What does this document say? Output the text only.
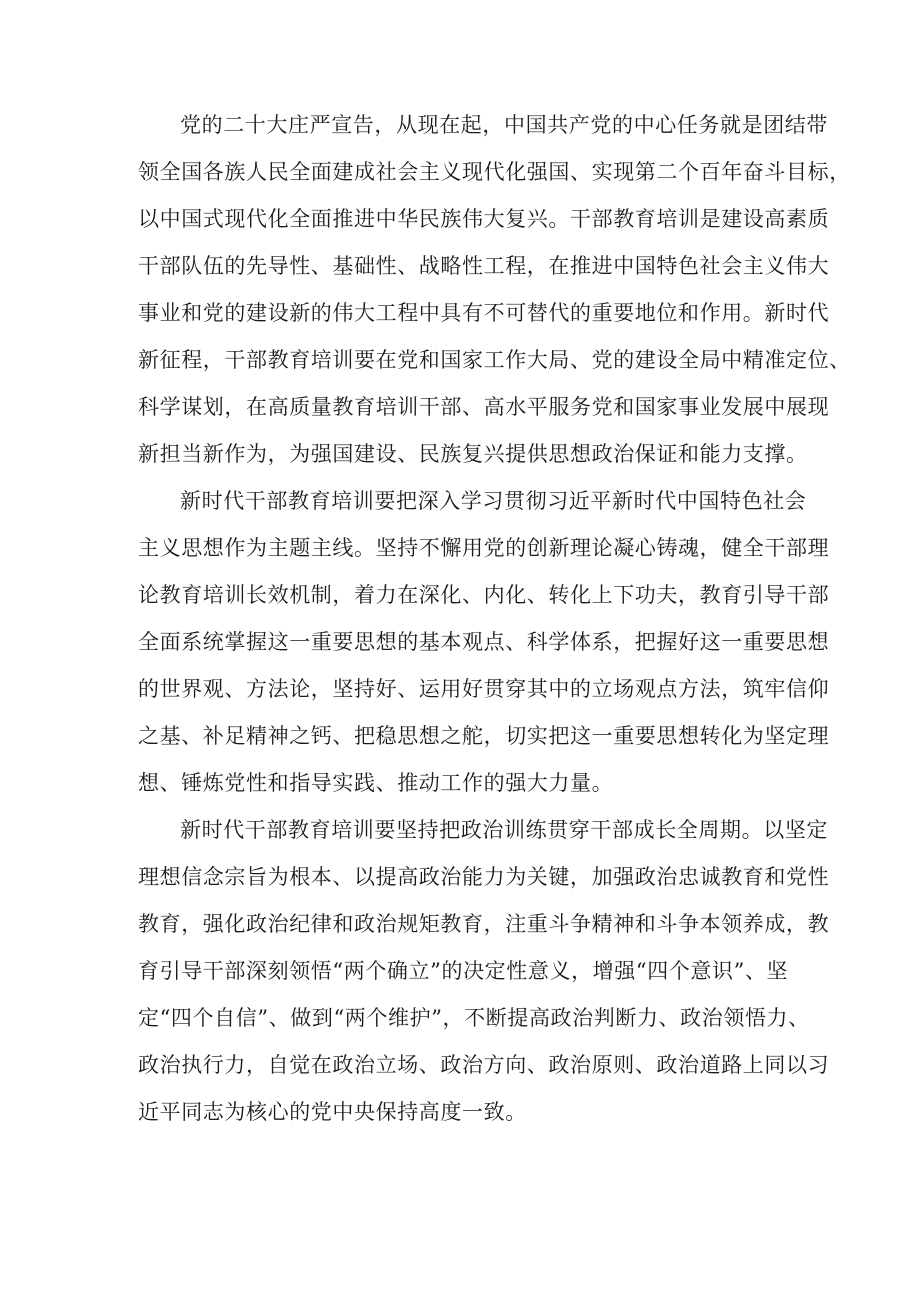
党的二十大庄严宣告，从现在起，中国共产党的中心任务就是团结带

领全国各族人民全面建成社会主义现代化强国、实现第二个百年奋斗目标，

以中国式现代化全面推进中华民族伟大复兴。干部教育培训是建设高素质

干部队伍的先导性、基础性、战略性工程，在推进中国特色社会主义伟大

事业和党的建设新的伟大工程中具有不可替代的重要地位和作用。新时代

新征程，干部教育培训要在党和国家工作大局、党的建设全局中精准定位、

科学谋划，在高质量教育培训干部、高水平服务党和国家事业发展中展现

新担当新作为，为强国建设、民族复兴提供思想政治保证和能力支撑。

新时代干部教育培训要把深入学习贯彻习近平新时代中国特色社会

主义思想作为主题主线。坚持不懈用党的创新理论凝心铸魂，健全干部理

论教育培训长效机制，着力在深化、内化、转化上下功夫，教育引导干部

全面系统掌握这一重要思想的基本观点、科学体系，把握好这一重要思想

的世界观、方法论，坚持好、运用好贯穿其中的立场观点方法，筑牢信仰

之基、补足精神之钙、把稳思想之舵，切实把这一重要思想转化为坚定理

想、锤炼党性和指导实践、推动工作的强大力量。

新时代干部教育培训要坚持把政治训练贯穿干部成长全周期。以坚定

理想信念宗旨为根本、以提高政治能力为关键，加强政治忠诚教育和党性

教育，强化政治纪律和政治规矩教育，注重斗争精神和斗争本领养成，教

育引导干部深刻领悟“两个确立”的决定性意义，增强“四个意识”、坚

定“四个自信”、做到“两个维护”，不断提高政治判断力、政治领悟力、

政治执行力，自觉在政治立场、政治方向、政治原则、政治道路上同以习

近平同志为核心的党中央保持高度一致。
